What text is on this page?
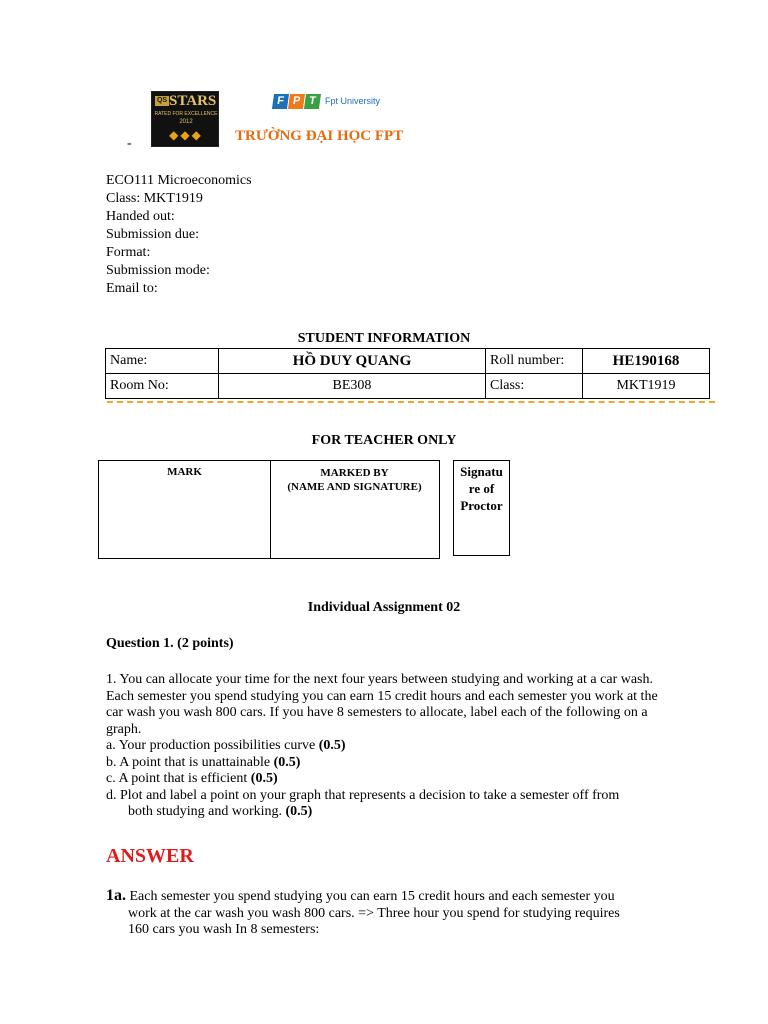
QS STARS
RATED FOR EXCELLENCE
2012
◆◆◆
-
F P T Fpt University
TRƯỜNG ĐẠI HỌC FPT
ECO111 Microeconomics
Class: MKT1919
Handed out:
Submission due:
Format:
Submission mode:
Email to:
STUDENT INFORMATION
Name:	HỒ DUY QUANG	Roll number:	HE190168
Room No:	BE308	Class:	MKT1919
FOR TEACHER ONLY
MARK	MARKED BY
(NAME AND SIGNATURE)
Signatu
re of
Proctor
Individual Assignment 02
Question 1. (2 points)
1. You can allocate your time for the next four years between studying and working at a car wash. Each semester you spend studying you can earn 15 credit hours and each semester you work at the car wash you wash 800 cars. If you have 8 semesters to allocate, label each of the following on a graph.
a. Your production possibilities curve (0.5)
b. A point that is unattainable (0.5)
c. A point that is efficient (0.5)
d. Plot and label a point on your graph that represents a decision to take a semester off from
both studying and working. (0.5)
ANSWER
1a. Each semester you spend studying you can earn 15 credit hours and each semester you
work at the car wash you wash 800 cars. => Three hour you spend for studying requires
160 cars you wash In 8 semesters:
